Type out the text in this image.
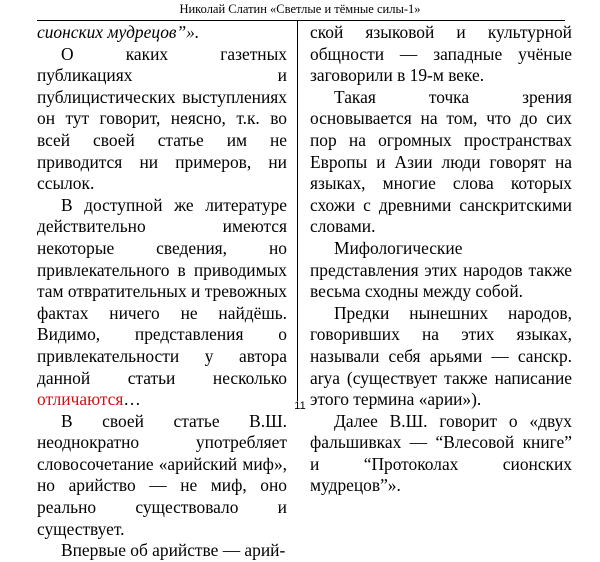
Николай Слатин «Светлые и тёмные силы-1»

сионских мудрецов”».

О каких газетных публикациях и публицистических выступлениях он тут говорит, неясно, т.к. во всей своей статье им не приводится ни примеров, ни ссылок.

В доступной же литературе действительно имеются некоторые сведения, но привлекательного в приводимых там отвратительных и тревожных фактах ничего не найдёшь. Видимо, представления о привлекательности у автора данной статьи несколько отличаются…

В своей статье В.Ш. неоднократно употребляет словосочетание «арийский миф», но арийство — не миф, оно реально существовало и существует.

Впервые об арийстве — арий-

ской языковой и культурной общности — западные учёные заговорили в 19-м веке.

Такая точка зрения основывается на том, что до сих пор на огромных пространствах Европы и Азии люди говорят на языках, многие слова которых схожи с древними санскритскими словами.

Мифологические представления этих народов также весьма сходны между собой.

Предки нынешних народов, говоривших на этих языках, называли себя арьями — санскр. arya (существует также написание этого термина «арии»).

Далее В.Ш. говорит о «двух фальшивках — “Влесовой книге” и “Протоколах сионских мудрецов”».

11
